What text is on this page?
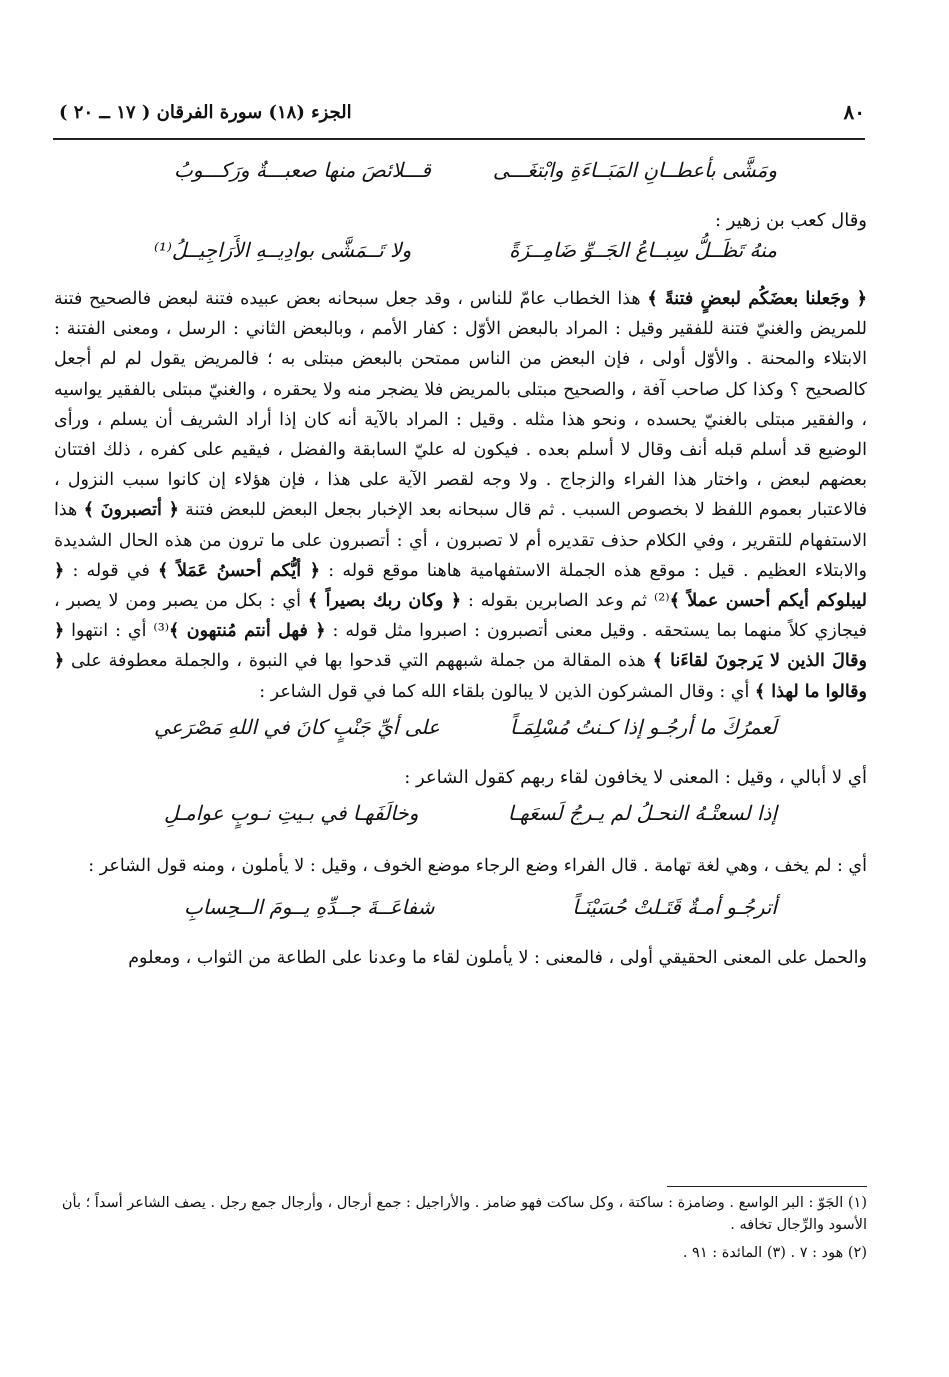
٨٠
الجزء (١٨) سورة الفرقان ( ١٧ ــ ٢٠ )
ومَشَّى بأعطــانِ المَبَــاءَةِ وابْتغَـــى
قـــلائصَ منها صعبـــةٌ ورَكـــوبُ

وقال كعب بن زهير :

منهُ تَظَــلُّ سِبــاعُ الجَــوِّ ضَامِــزَةً
ولا تَــمَشَّى بوادِيــهِ الأَرَاجِيــلُ⁽¹⁾

﴿ وجَعلنا بعضَكُم لبعضٍ فتنةً ﴾ هذا الخطاب عامّ للناس ، وقد جعل سبحانه بعض عبيده فتنة لبعض فالصحيح فتنة للمريض والغنيّ فتنة للفقير وقيل : المراد بالبعض الأوّل : كفار الأمم ، وبالبعض الثاني : الرسل ، ومعنى الفتنة : الابتلاء والمحنة . والأوّل أولى ، فإن البعض من الناس ممتحن بالبعض مبتلى به ؛ فالمريض يقول لم لم أجعل كالصحيح ؟ وكذا كل صاحب آفة ، والصحيح مبتلى بالمريض فلا يضجر منه ولا يحقره ، والغنيّ مبتلى بالفقير يواسيه ، والفقير مبتلى بالغنيّ يحسده ، ونحو هذا مثله . وقيل : المراد بالآية أنه كان إذا أراد الشريف أن يسلم ، ورأى الوضيع قد أسلم قبله أنف وقال لا أسلم بعده . فيكون له عليّ السابقة والفضل ، فيقيم على كفره ، ذلك افتتان بعضهم لبعض ، واختار هذا الفراء والزجاج . ولا وجه لقصر الآية على هذا ، فإن هؤلاء إن كانوا سبب النزول ، فالاعتبار بعموم اللفظ لا بخصوص السبب . ثم قال سبحانه بعد الإخبار بجعل البعض للبعض فتنة ﴿ أتصبرونَ ﴾ هذا الاستفهام للتقرير ، وفي الكلام حذف تقديره أم لا تصبرون ، أي : أتصبرون على ما ترون من هذه الحال الشديدة والابتلاء العظيم . قيل : موقع هذه الجملة الاستفهامية هاهنا موقع قوله : ﴿ أيُّكم أحسنُ عَمَلاً ﴾ في قوله : ﴿ ليبلوكم أيكم أحسن عملاً ﴾⁽²⁾ ثم وعد الصابرين بقوله : ﴿ وكان ربك بصيراً ﴾ أي : بكل من يصبر ومن لا يصبر ، فيجازي كلاً منهما بما يستحقه . وقيل معنى أتصبرون : اصبروا مثل قوله : ﴿ فهل أنتم مُنتهون ﴾⁽³⁾ أي : انتهوا ﴿ وقالَ الذين لا يَرجونَ لقاءَنا ﴾ هذه المقالة من جملة شبههم التي قدحوا بها في النبوة ، والجملة معطوفة على ﴿ وقالوا ما لهذا ﴾ أي : وقال المشركون الذين لا يبالون بلقاء الله كما في قول الشاعر :

لَعمرُكَ ما أرجُـو إذا كـنتُ مُسْلِمَـاً
على أيِّ جَنْبٍ كانَ في اللهِ مَصْرَعي

أي لا أبالي ، وقيل : المعنى لا يخافون لقاء ربهم كقول الشاعر :

إذا لسعتْـهُ النحـلُ لم يـرجُ لَسعَهـا
وخالَفَهـا في بـيتِ نـوبٍ عوامـلِ

أي : لم يخف ، وهي لغة تهامة . قال الفراء وضع الرجاء موضع الخوف ، وقيل : لا يأملون ، ومنه قول الشاعر :

أترجُـو أمـةٌ قَتَـلتْ حُسَيْنَـاً
شفاعَــةَ جــدِّهِ يــومَ الــحِسابِ

والحمل على المعنى الحقيقي أولى ، فالمعنى : لا يأملون لقاء ما وعدنا على الطاعة من الثواب ، ومعلوم

(١) الجَوّ : البر الواسع . وضامزة : ساكتة ، وكل ساكت فهو ضامز . والأراجيل : جمع أرجال ، وأرجال جمع رجل . يصف الشاعر أسداً ؛ بأن الأسود والرِّجال تخافه .

(٢) هود : ٧ . (٣) المائدة : ٩١ .
